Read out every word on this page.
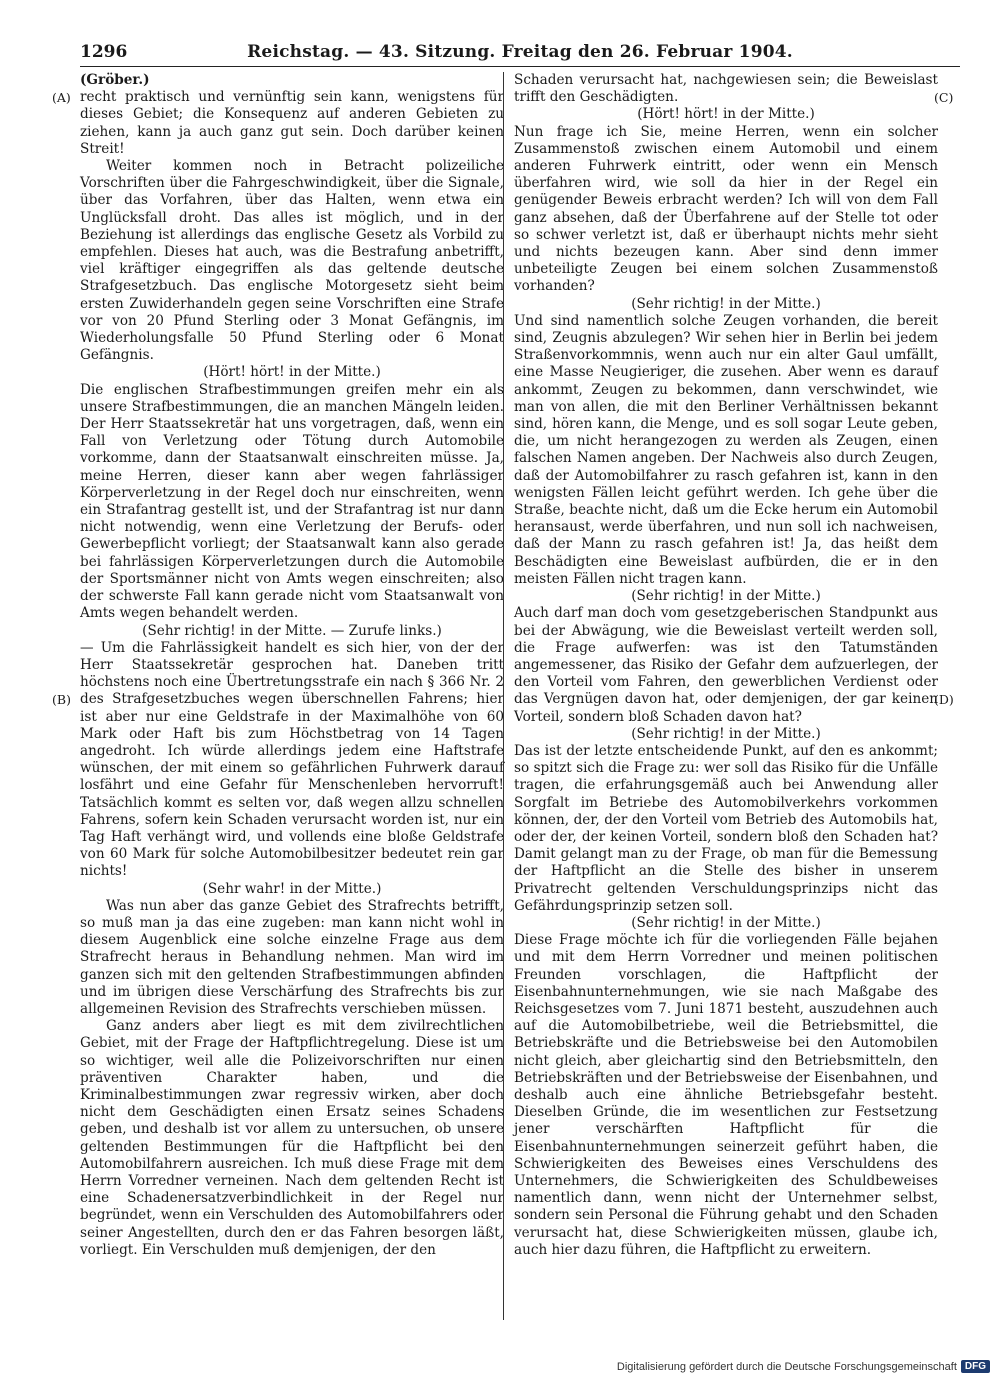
1296	Reichstag. — 43. Sitzung. Freitag den 26. Februar 1904.

(Gröber.)

recht praktisch und vernünftig sein kann, wenigstens für dieses Gebiet; die Konsequenz auf anderen Gebieten zu ziehen, kann ja auch ganz gut sein. Doch darüber keinen Streit!

Weiter kommen noch in Betracht polizeiliche Vorschriften über die Fahrgeschwindigkeit, über die Signale, über das Vorfahren, über das Halten, wenn etwa ein Unglücksfall droht. Das alles ist möglich, und in der Beziehung ist allerdings das englische Gesetz als Vorbild zu empfehlen. Dieses hat auch, was die Bestrafung anbetrifft, viel kräftiger eingegriffen als das geltende deutsche Strafgesetzbuch. Das englische Motorgesetz sieht beim ersten Zuwiderhandeln gegen seine Vorschriften eine Strafe vor von 20 Pfund Sterling oder 3 Monat Gefängnis, im Wiederholungsfalle 50 Pfund Sterling oder 6 Monat Gefängnis.

(Hört! hört! in der Mitte.)

Die englischen Strafbestimmungen greifen mehr ein als unsere Strafbestimmungen, die an manchen Mängeln leiden. Der Herr Staatssekretär hat uns vorgetragen, daß, wenn ein Fall von Verletzung oder Tötung durch Automobile vorkomme, dann der Staatsanwalt einschreiten müsse. Ja, meine Herren, dieser kann aber wegen fahrlässiger Körperverletzung in der Regel doch nur einschreiten, wenn ein Strafantrag gestellt ist, und der Strafantrag ist nur dann nicht notwendig, wenn eine Verletzung der Berufs- oder Gewerbepflicht vorliegt; der Staatsanwalt kann also gerade bei fahrlässigen Körperverletzungen durch die Automobile der Sportsmänner nicht von Amts wegen einschreiten; also der schwerste Fall kann gerade nicht vom Staatsanwalt von Amts wegen behandelt werden.

(Sehr richtig! in der Mitte. — Zurufe links.)

— Um die Fahrlässigkeit handelt es sich hier, von der der Herr Staatssekretär gesprochen hat. Daneben tritt höchstens noch eine Übertretungsstrafe ein nach § 366 Nr. 2 des Strafgesetzbuches wegen überschnellen Fahrens; hier ist aber nur eine Geldstrafe in der Maximalhöhe von 60 Mark oder Haft bis zum Höchstbetrag von 14 Tagen angedroht. Ich würde allerdings jedem eine Haftstrafe wünschen, der mit einem so gefährlichen Fuhrwerk darauf losfährt und eine Gefahr für Menschenleben hervorruft! Tatsächlich kommt es selten vor, daß wegen allzu schnellen Fahrens, sofern kein Schaden verursacht worden ist, nur ein Tag Haft verhängt wird, und vollends eine bloße Geldstrafe von 60 Mark für solche Automobilbesitzer bedeutet rein gar nichts!

(Sehr wahr! in der Mitte.)

Was nun aber das ganze Gebiet des Strafrechts betrifft, so muß man ja das eine zugeben: man kann nicht wohl in diesem Augenblick eine solche einzelne Frage aus dem Strafrecht heraus in Behandlung nehmen. Man wird im ganzen sich mit den geltenden Strafbestimmungen abfinden und im übrigen diese Verschärfung des Strafrechts bis zur allgemeinen Revision des Strafrechts verschieben müssen.

Ganz anders aber liegt es mit dem zivilrechtlichen Gebiet, mit der Frage der Haftpflichtregelung. Diese ist um so wichtiger, weil alle die Polizeivorschriften nur einen präventiven Charakter haben, und die Kriminalbestimmungen zwar regressiv wirken, aber doch nicht dem Geschädigten einen Ersatz seines Schadens geben, und deshalb ist vor allem zu untersuchen, ob unsere geltenden Bestimmungen für die Haftpflicht bei den Automobilfahrern ausreichen. Ich muß diese Frage mit dem Herrn Vorredner verneinen. Nach dem geltenden Recht ist eine Schadenersatzverbindlichkeit in der Regel nur begründet, wenn ein Verschulden des Automobilfahrers oder seiner Angestellten, durch den er das Fahren besorgen läßt, vorliegt. Ein Verschulden muß demjenigen, der den

Schaden verursacht hat, nachgewiesen sein; die Beweislast trifft den Geschädigten.

(Hört! hört! in der Mitte.)

Nun frage ich Sie, meine Herren, wenn ein solcher Zusammenstoß zwischen einem Automobil und einem anderen Fuhrwerk eintritt, oder wenn ein Mensch überfahren wird, wie soll da hier in der Regel ein genügender Beweis erbracht werden? Ich will von dem Fall ganz absehen, daß der Überfahrene auf der Stelle tot oder so schwer verletzt ist, daß er überhaupt nichts mehr sieht und nichts bezeugen kann. Aber sind denn immer unbeteiligte Zeugen bei einem solchen Zusammenstoß vorhanden?

(Sehr richtig! in der Mitte.)

Und sind namentlich solche Zeugen vorhanden, die bereit sind, Zeugnis abzulegen? Wir sehen hier in Berlin bei jedem Straßenvorkommnis, wenn auch nur ein alter Gaul umfällt, eine Masse Neugieriger, die zusehen. Aber wenn es darauf ankommt, Zeugen zu bekommen, dann verschwindet, wie man von allen, die mit den Berliner Verhältnissen bekannt sind, hören kann, die Menge, und es soll sogar Leute geben, die, um nicht herangezogen zu werden als Zeugen, einen falschen Namen angeben. Der Nachweis also durch Zeugen, daß der Automobilfahrer zu rasch gefahren ist, kann in den wenigsten Fällen leicht geführt werden. Ich gehe über die Straße, beachte nicht, daß um die Ecke herum ein Automobil heransaust, werde überfahren, und nun soll ich nachweisen, daß der Mann zu rasch gefahren ist! Ja, das heißt dem Beschädigten eine Beweislast aufbürden, die er in den meisten Fällen nicht tragen kann.

(Sehr richtig! in der Mitte.)

Auch darf man doch vom gesetzgeberischen Standpunkt aus bei der Abwägung, wie die Beweislast verteilt werden soll, die Frage aufwerfen: was ist den Tatumständen angemessener, das Risiko der Gefahr dem aufzuerlegen, der den Vorteil vom Fahren, den gewerblichen Verdienst oder das Vergnügen davon hat, oder demjenigen, der gar keinen Vorteil, sondern bloß Schaden davon hat?

(Sehr richtig! in der Mitte.)

Das ist der letzte entscheidende Punkt, auf den es ankommt; so spitzt sich die Frage zu: wer soll das Risiko für die Unfälle tragen, die erfahrungsgemäß auch bei Anwendung aller Sorgfalt im Betriebe des Automobilverkehrs vorkommen können, der, der den Vorteil vom Betrieb des Automobils hat, oder der, der keinen Vorteil, sondern bloß den Schaden hat? Damit gelangt man zu der Frage, ob man für die Bemessung der Haftpflicht an die Stelle des bisher in unserem Privatrecht geltenden Verschuldungsprinzips nicht das Gefährdungsprinzip setzen soll.

(Sehr richtig! in der Mitte.)

Diese Frage möchte ich für die vorliegenden Fälle bejahen und mit dem Herrn Vorredner und meinen politischen Freunden vorschlagen, die Haftpflicht der Eisenbahnunternehmungen, wie sie nach Maßgabe des Reichsgesetzes vom 7. Juni 1871 besteht, auszudehnen auch auf die Automobilbetriebe, weil die Betriebsmittel, die Betriebskräfte und die Betriebsweise bei den Automobilen nicht gleich, aber gleichartig sind den Betriebsmitteln, den Betriebskräften und der Betriebsweise der Eisenbahnen, und deshalb auch eine ähnliche Betriebsgefahr besteht. Dieselben Gründe, die im wesentlichen zur Festsetzung jener verschärften Haftpflicht für die Eisenbahnunternehmungen seinerzeit geführt haben, die Schwierigkeiten des Beweises eines Verschuldens des Unternehmers, die Schwierigkeiten des Schuldbeweises namentlich dann, wenn nicht der Unternehmer selbst, sondern sein Personal die Führung gehabt und den Schaden verursacht hat, diese Schwierigkeiten müssen, glaube ich, auch hier dazu führen, die Haftpflicht zu erweitern.

(A)
(B)
(C)
(D)
Digitalisierung gefördert durch die Deutsche Forschungsgemeinschaft DFG
